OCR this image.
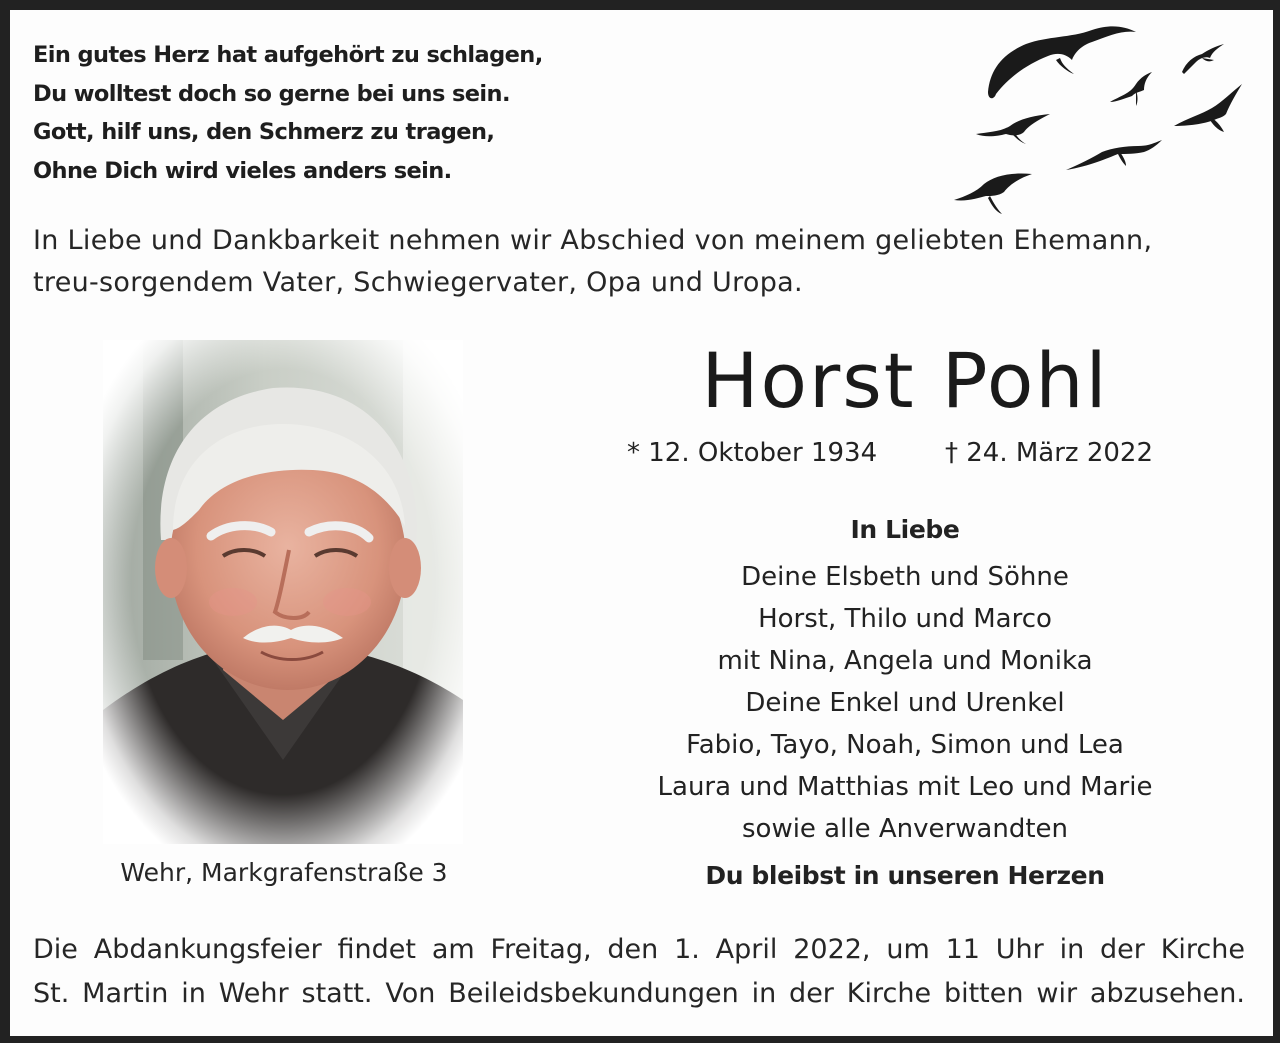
Ein gutes Herz hat aufgehört zu schlagen,
Du wolltest doch so gerne bei uns sein.
Gott, hilf uns, den Schmerz zu tragen,
Ohne Dich wird vieles anders sein.
In Liebe und Dankbarkeit nehmen wir Abschied von meinem geliebten Ehemann,
treu-sorgendem Vater, Schwiegervater, Opa und Uropa.
Wehr, Markgrafenstraße 3
Horst Pohl
* 12. Oktober 1934	† 24. März 2022
In Liebe
Deine Elsbeth und Söhne
Horst, Thilo und Marco
mit Nina, Angela und Monika
Deine Enkel und Urenkel
Fabio, Tayo, Noah, Simon und Lea
Laura und Matthias mit Leo und Marie
sowie alle Anverwandten
Du bleibst in unseren Herzen
Die Abdankungsfeier findet am Freitag, den 1. April 2022, um 11 Uhr in der Kirche
St. Martin in Wehr statt. Von Beileidsbekundungen in der Kirche bitten wir abzusehen.
